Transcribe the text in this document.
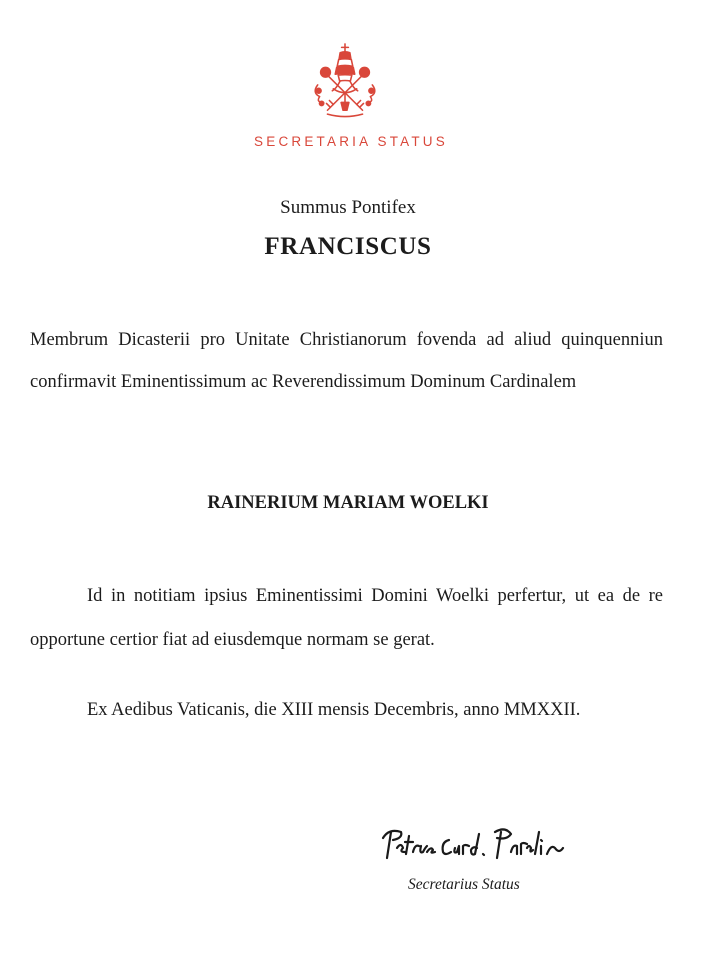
SECRETARIA STATUS
Summus Pontifex
FRANCISCUS
Membrum Dicasterii pro Unitate Christianorum fovenda ad aliud quinquenniun confirmavit Eminentissimum ac Reverendissimum Dominum Cardinalem
RAINERIUM MARIAM WOELKI
Id in notitiam ipsius Eminentissimi Domini Woelki perfertur, ut ea de re opportune certior fiat ad eiusdemque normam se gerat.
Ex Aedibus Vaticanis, die XIII mensis Decembris, anno MMXXII.
Secretarius Status
